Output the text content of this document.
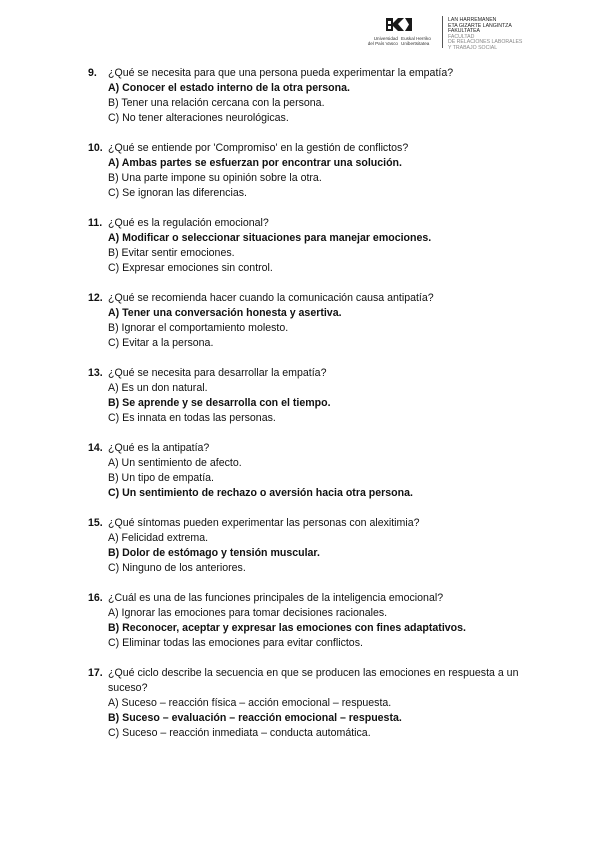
Universidad
del País Vasco
Euskal Herriko
Unibertsitatea
LAN HARREMANEN
ETA GIZARTE LANGINTZA
FAKULTATEA
FACULTAD
DE RELACIONES LABORALES
Y TRABAJO SOCIAL
9.	¿Qué se necesita para que una persona pueda experimentar la empatía?
A) Conocer el estado interno de la otra persona.
B) Tener una relación cercana con la persona.
C) No tener alteraciones neurológicas.
10. ¿Qué se entiende por 'Compromiso' en la gestión de conflictos?
A) Ambas partes se esfuerzan por encontrar una solución.
B) Una parte impone su opinión sobre la otra.
C) Se ignoran las diferencias.
11. ¿Qué es la regulación emocional?
A) Modificar o seleccionar situaciones para manejar emociones.
B) Evitar sentir emociones.
C) Expresar emociones sin control.
12. ¿Qué se recomienda hacer cuando la comunicación causa antipatía?
A) Tener una conversación honesta y asertiva.
B) Ignorar el comportamiento molesto.
C) Evitar a la persona.
13. ¿Qué se necesita para desarrollar la empatía?
A) Es un don natural.
B) Se aprende y se desarrolla con el tiempo.
C) Es innata en todas las personas.
14. ¿Qué es la antipatía?
A) Un sentimiento de afecto.
B) Un tipo de empatía.
C) Un sentimiento de rechazo o aversión hacia otra persona.
15. ¿Qué síntomas pueden experimentar las personas con alexitimia?
A) Felicidad extrema.
B) Dolor de estómago y tensión muscular.
C) Ninguno de los anteriores.
16. ¿Cuál es una de las funciones principales de la inteligencia emocional?
A) Ignorar las emociones para tomar decisiones racionales.
B) Reconocer, aceptar y expresar las emociones con fines adaptativos.
C) Eliminar todas las emociones para evitar conflictos.
17. ¿Qué ciclo describe la secuencia en que se producen las emociones en respuesta a un suceso?
A) Suceso – reacción física – acción emocional – respuesta.
B) Suceso – evaluación – reacción emocional – respuesta.
C) Suceso – reacción inmediata – conducta automática.
